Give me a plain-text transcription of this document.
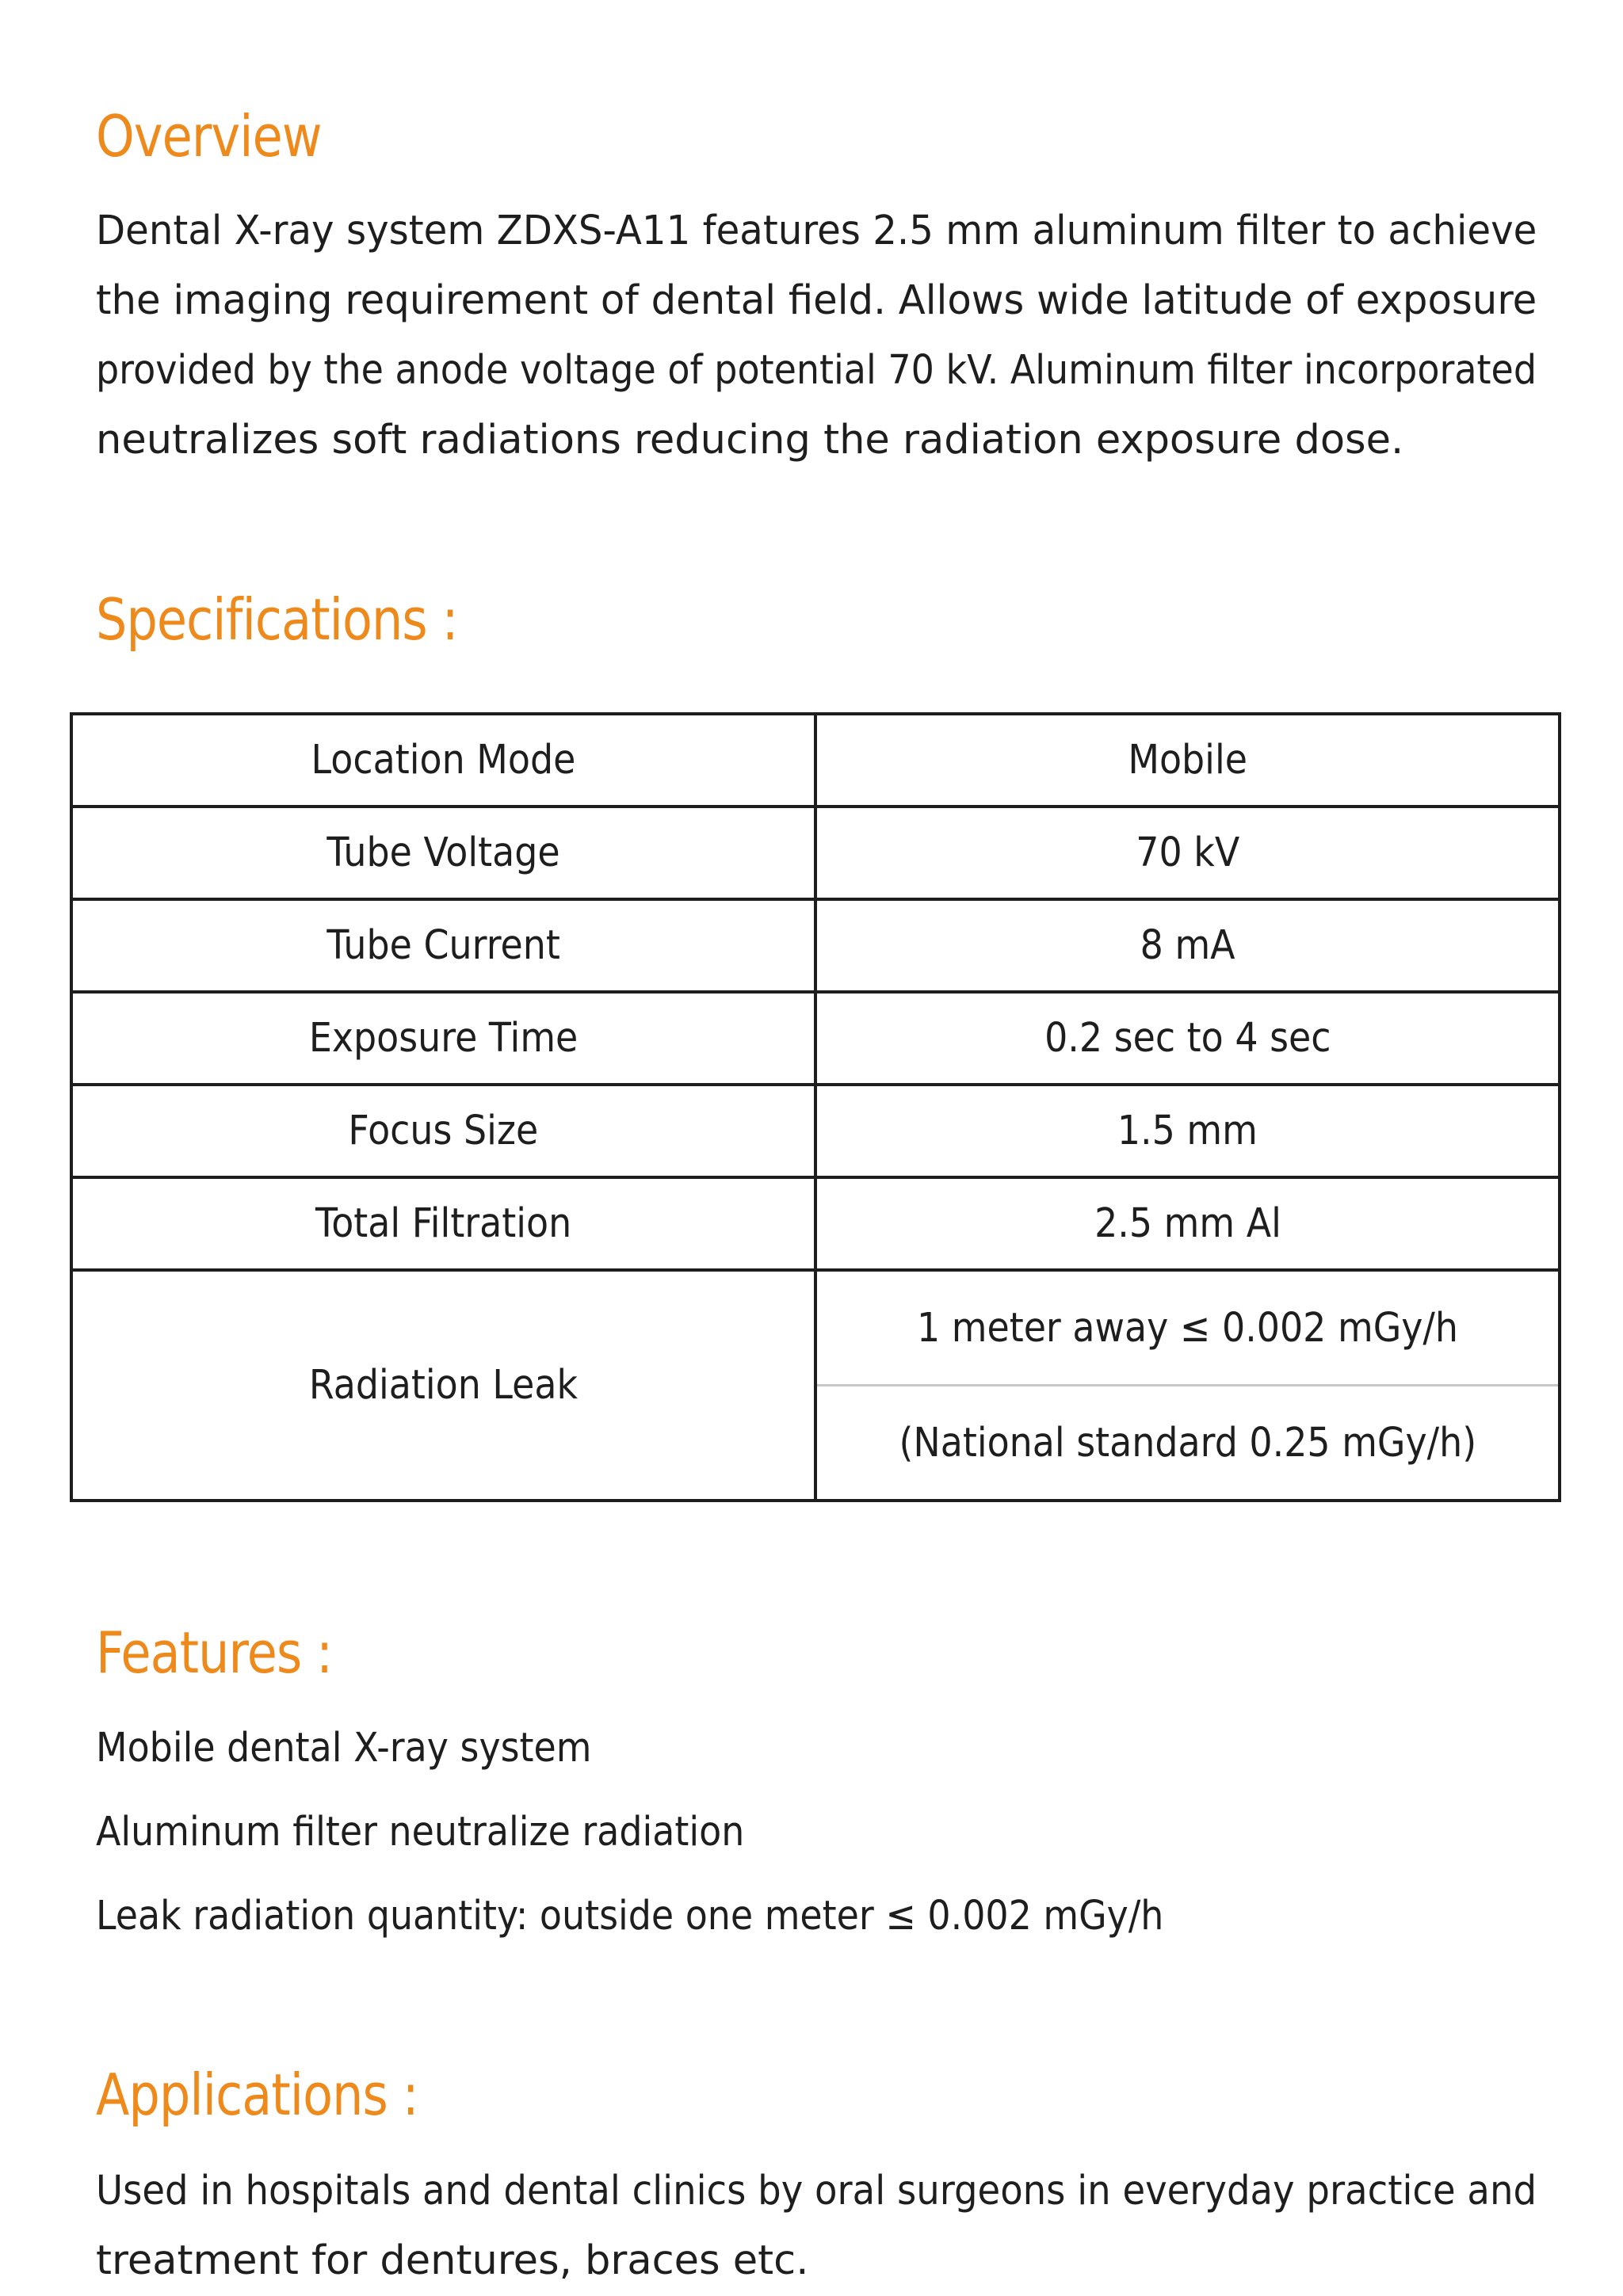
Overview
Dental X-ray system ZDXS-A11 features 2.5 mm aluminum filter to achieve
the imaging requirement of dental field. Allows wide latitude of exposure
provided by the anode voltage of potential 70 kV. Aluminum filter incorporated
neutralizes soft radiations reducing the radiation exposure dose.
Specifications :
Location Mode	Mobile
Tube Voltage	70 kV
Tube Current	8 mA
Exposure Time	0.2 sec to 4 sec
Focus Size	1.5 mm
Total Filtration	2.5 mm Al
Radiation Leak	1 meter away ≤ 0.002 mGy/h
(National standard 0.25 mGy/h)
Features :

Mobile dental X-ray system

Aluminum filter neutralize radiation

Leak radiation quantity: outside one meter ≤ 0.002 mGy/h

Applications :
Used in hospitals and dental clinics by oral surgeons in everyday practice and
treatment for dentures, braces etc.
